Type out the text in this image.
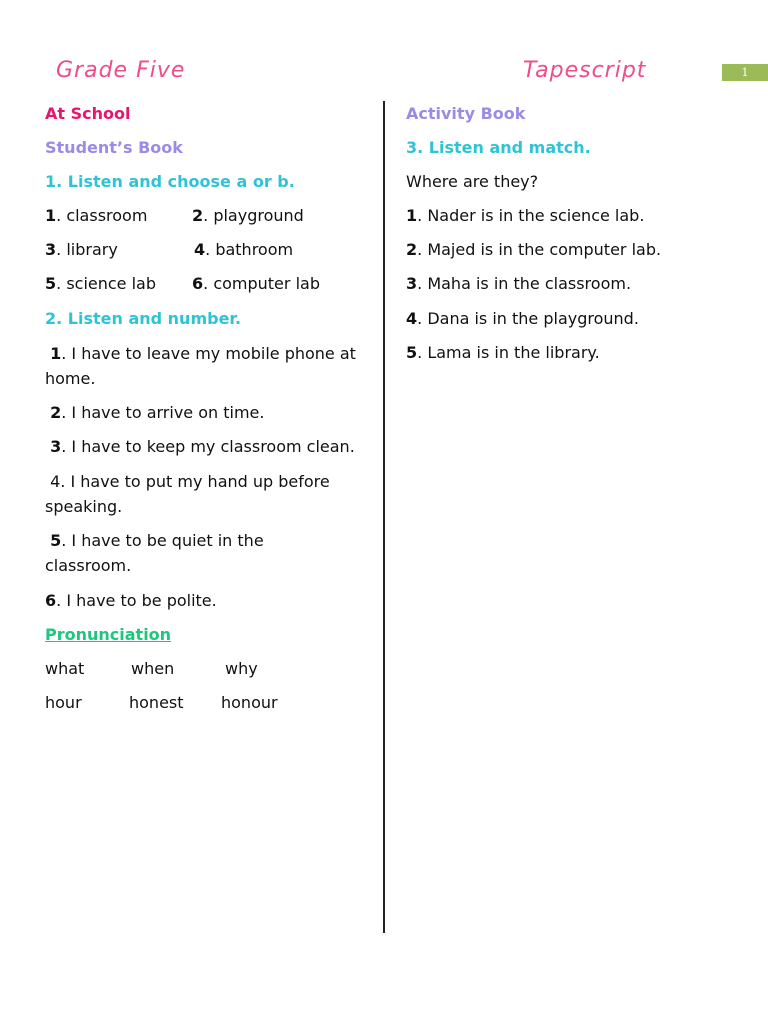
Grade Five	Tapescript	1
At School
Student’s Book
1. Listen and choose a or b.
1. classroom	2. playground
3. library	4. bathroom
5. science lab 6. computer lab
2. Listen and number.
1. I have to leave my mobile phone at home.
2. I have to arrive on time.
3. I have to keep my classroom clean.
4. I have to put my hand up before speaking.
5. I have to be quiet in the classroom.
6. I have to be polite.
Pronunciation
what	when	why
hour	honest honour
Activity Book
3. Listen and match.
Where are they?
1. Nader is in the science lab.
2. Majed is in the computer lab.
3. Maha is in the classroom.
4. Dana is in the playground.
5. Lama is in the library.
